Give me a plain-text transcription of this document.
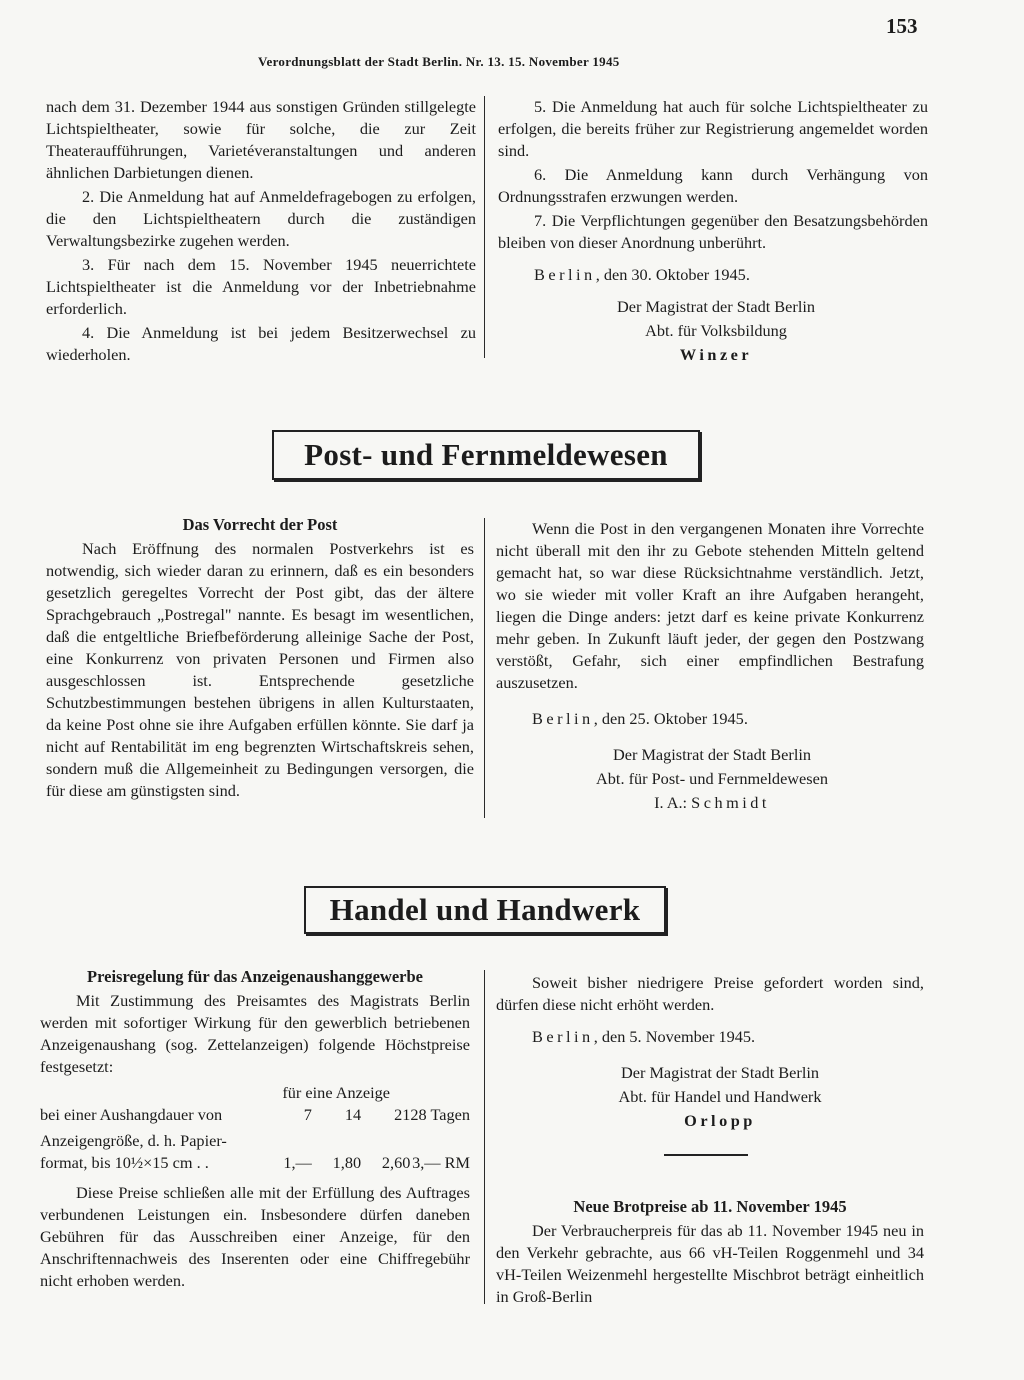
153
Verordnungsblatt der Stadt Berlin. Nr. 13. 15. November 1945

nach dem 31. Dezember 1944 aus sonstigen Gründen stillgelegte Lichtspieltheater, sowie für solche, die zur Zeit Theateraufführungen, Varietéveranstaltungen und anderen ähnlichen Darbietungen dienen.

2. Die Anmeldung hat auf Anmeldefragebogen zu erfolgen, die den Lichtspieltheatern durch die zuständigen Verwaltungsbezirke zugehen werden.

3. Für nach dem 15. November 1945 neuerrichtete Lichtspieltheater ist die Anmeldung vor der Inbetriebnahme erforderlich.

4. Die Anmeldung ist bei jedem Besitzerwechsel zu wiederholen.

5. Die Anmeldung hat auch für solche Lichtspieltheater zu erfolgen, die bereits früher zur Registrierung angemeldet worden sind.

6. Die Anmeldung kann durch Verhängung von Ordnungsstrafen erzwungen werden.

7. Die Verpflichtungen gegenüber den Besatzungsbehörden bleiben von dieser Anordnung unberührt.

Berlin, den 30. Oktober 1945.

Der Magistrat der Stadt Berlin

Abt. für Volksbildung

Winzer

Post- und Fernmeldewesen
Das Vorrecht der Post

Nach Eröffnung des normalen Postverkehrs ist es notwendig, sich wieder daran zu erinnern, daß es ein besonders gesetzlich geregeltes Vorrecht der Post gibt, das der ältere Sprachgebrauch „Postregal" nannte. Es besagt im wesentlichen, daß die entgeltliche Briefbeförderung alleinige Sache der Post, eine Konkurrenz von privaten Personen und Firmen also ausgeschlossen ist. Entsprechende gesetzliche Schutzbestimmungen bestehen übrigens in allen Kulturstaaten, da keine Post ohne sie ihre Aufgaben erfüllen könnte. Sie darf ja nicht auf Rentabilität im eng begrenzten Wirtschaftskreis sehen, sondern muß die Allgemeinheit zu Bedingungen versorgen, die für diese am günstigsten sind.

Wenn die Post in den vergangenen Monaten ihre Vorrechte nicht überall mit den ihr zu Gebote stehenden Mitteln geltend gemacht hat, so war diese Rücksichtnahme verständlich. Jetzt, wo sie wieder mit voller Kraft an ihre Aufgaben herangeht, liegen die Dinge anders: jetzt darf es keine private Konkurrenz mehr geben. In Zukunft läuft jeder, der gegen den Postzwang verstößt, Gefahr, sich einer empfindlichen Bestrafung auszusetzen.

Berlin, den 25. Oktober 1945.

Der Magistrat der Stadt Berlin

Abt. für Post- und Fernmeldewesen

I. A.: Schmidt

Handel und Handwerk
Preisregelung für das Anzeigenaushanggewerbe

Mit Zustimmung des Preisamtes des Magistrats Berlin werden mit sofortiger Wirkung für den gewerblich betriebenen Anzeigenaushang (sog. Zettelanzeigen) folgende Höchstpreise festgesetzt:

	für eine Anzeige			
bei einer Aushangdauer von	7	14	21	28 Tagen
Anzeigengröße, d. h. Papier-				
format, bis 10½×15 cm . .	1,—	1,80	2,60	3,— RM

Diese Preise schließen alle mit der Erfüllung des Auftrages verbundenen Leistungen ein. Insbesondere dürfen daneben Gebühren für das Ausschreiben einer Anzeige, für den Anschriftennachweis des Inserenten oder eine Chiffregebühr nicht erhoben werden.

Soweit bisher niedrigere Preise gefordert worden sind, dürfen diese nicht erhöht werden.

Berlin, den 5. November 1945.

Der Magistrat der Stadt Berlin

Abt. für Handel und Handwerk

Orlopp

Neue Brotpreise ab 11. November 1945

Der Verbraucherpreis für das ab 11. November 1945 neu in den Verkehr gebrachte, aus 66 vH-Teilen Roggenmehl und 34 vH-Teilen Weizenmehl hergestellte Mischbrot beträgt einheitlich in Groß-Berlin
